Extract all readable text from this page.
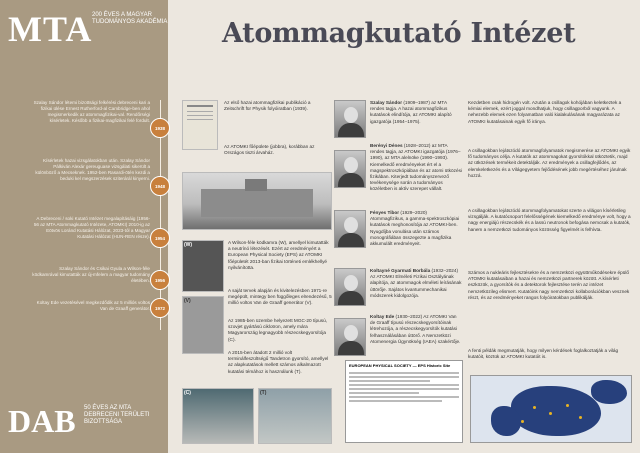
MTA 200 ÉVES A MAGYAR TUDOMÁNYOS AKADÉMIA
Szalay Sándor létemi bizottsági felkérési debreceni kari a fizikai ülése Ernest Rutherford-al Cambridge-ben ahol megismerkedik az atommagfizikai-val. Rendőrségi kísérletek. Később a fizikai-magfizikai felé fordult.
1938
Kísérletek hazai vizsgálatokban után. Szalay Sándor Pálkiván Alexár gereuguase vizsgálati sikerült a különböző a Mecseknek. 1952-ben Rasardi-ötén kezdi a beduki kel megszerzések sziterárál kinyerni.
1948
A Debreceni / soki Kutató Intézet megalapításáig (1956-56 az MTA Atommagkutató Intézete, ATOMKI) 2010-ig az Eötvös Loránd Kutatási Hálózat, 2023-tól a Magyar Kutatási Hálózat (HUN-REN része).	1954
Szalay Sándor és Csikai Gyula a Wilson-féle ködkamrával kimutatták az új-mfelem a magyar tudomány életében.	1956
Koltay Ede vezetésével megkezdődik az 5 milliós voltos Van de Graaff generátor.	1972
DAB 50 ÉVES AZ MTA DEBRECENI TERÜLETI BIZOTTSÁGA
Atommagkutató Intézet
Az első hazai atommagfizikai publikáció a Zeitschrift für Physik folyóiratban (1939).
Az ATOMKI főépülete (jobbra), korábban az Országos tiszti árvaház.
(W)
(V)
A Wilson-féle ködkamra (W), amellyel kimutatták a neutrínó létezését. Ezért az eredményért a European Physical Society (EPS) az ATOMKI főépületét 2013-ban fizikai történeti emlékhellyé nyilvánította.
A saját tervek alapján és kivitelezésben 1971-re megépült, mintegy ben függőleges elrendezésű, 5 millió voltos Van de Graaff generátor (V).
Az 1985-ben üzembe helyezett MGC-20 típusú, szovjet gyártású ciklotron, amely mára Magyarország legnagyobb részecskegyorsítója (C).
A 2015-ben átadott 2 millió volt terminálfeszültségű Tandetron gyorsító, amellyel az alapkutatások mellett számos alkalmazott kutatási témához is használunk (T).
(C)	(T)
Szalay Sándor (1909–1987) az MTA rendes tagja. A hazai atommagfizikus kutatások elindítója, az ATOMKI alapító igazgatója (1954–1975).
Berényi Dénes (1928–2012) az MTA rendes tagja, az ATOMKI igazgatója (1976–1990), az MTA alelnöke (1990–1993). Kiemelkedő eredményeket ért el a magspektroszkópiában és az atomi ütközési fizikában. Kiterjedt tudományszervező tevékenysége során a tudományos közéletben is aktív szerepet vállalt.
Fényes Tibor (1929–2020) Atommagfizikus, a gamma-spektroszkópiai kutatások meghonosítója az ATOMKI-ben. Nyugdíjba vonulása után számos monográfiában összegezte a magfizika akkumulált eredményeit.
Koltayné Gyarmati Borbála (1932–2024) Az ATOMKI Elméleti Fizikai Osztályának alapítója, az atommagok elméleti leírásának úttörője. Sajátos kvantummechanikai módszerek kidolgozója.
Koltay Ede (1930–2022) Az ATOMKI Van de Graaff típusú részecskegyorsítóinak létrehozója, a részecskegyorsítók kutatási felhasználásában úttörő. A Nemzetközi Atomenergia Ügynökség (IAEA) szakértője.
EUROPEAN PHYSICAL SOCIETY — EPS Historic Site
Kezdetben csak hidrogén volt. Azután a csillagok kohójában keletkeztek a kémiai elemek, ezért joggal mondhatjuk, hogy csillagporból vagyunk. A nehezebb elemek ezen folyamatban való kialakulásának magyarázata az ATOMKI kutatásainak egyik fő iránya.
A csillagokban lejátszódó atommagfolyamatok megismerése az ATOMKI egyik fő tudományos célja. A kutatók az atommagokat gyorsítókkal ütköztetik, majd az ütközések termékeit detektálják. Az eredmények a csillagfejlődés, az elemkeletkezés és a Világegyetem fejlődésének jobb megértéséhez járulnak hozzá.
A csillagokban lejátszódó atommagfolyamatokat szerte a világon kísérletileg vizsgálják. A kutatócsoport felelősségének kiemelkedő eredménye volt, hogy a nagy energiájú részecskék és a lassú neutronok befogása nemcsak a kutatók, hanem a nemzetközi tudományos közösség figyelmét is felhívta.
Számos a nukleáris fejlesztésekre és a nemzetközi együttműködésekre épülő ATOMKI kutatásaiban a hazai és nemzetközi partnerek között. A kísérleti eszközök, a gyorsítók és a detektorok fejlesztése terén az intézet nemzetközileg elismert. Kutatóink nagy nemzetközi kollaborációkban vesznek részt, és az eredményeket rangos folyóiratokban publikálják.
A fenti példák megmutatják, hogy milyen kérdések foglalkoztatják a világ kutatóit, köztük az ATOMKI kutatóit is.
